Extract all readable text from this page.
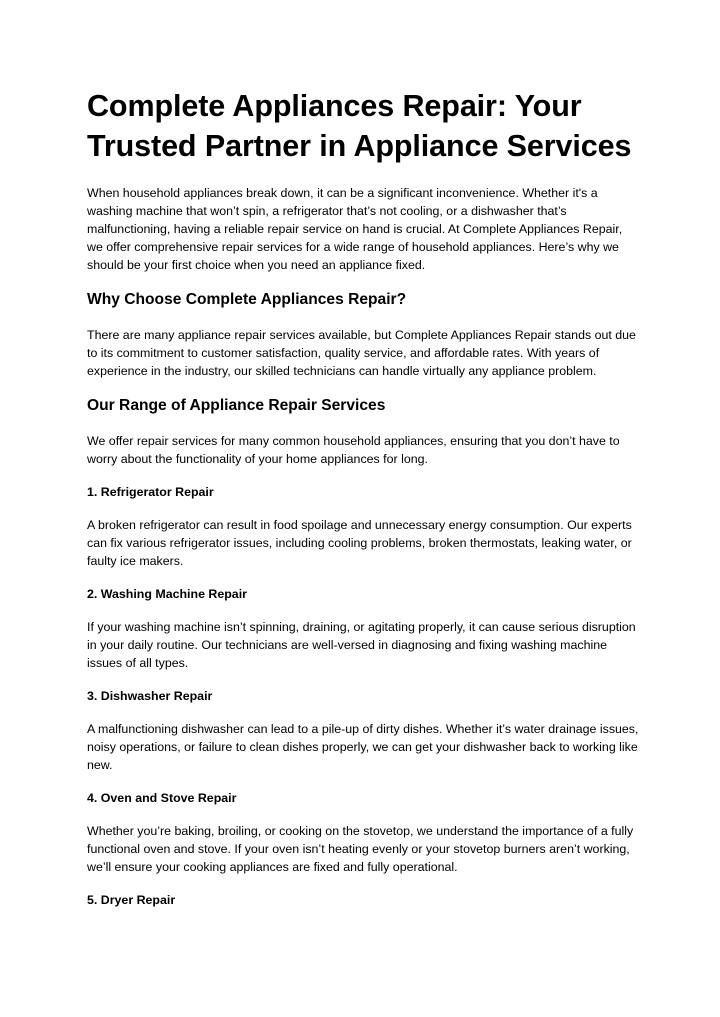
Complete Appliances Repair: Your Trusted Partner in Appliance Services

When household appliances break down, it can be a significant inconvenience. Whether it's a washing machine that won’t spin, a refrigerator that’s not cooling, or a dishwasher that’s malfunctioning, having a reliable repair service on hand is crucial. At Complete Appliances Repair, we offer comprehensive repair services for a wide range of household appliances. Here’s why we should be your first choice when you need an appliance fixed.

Why Choose Complete Appliances Repair?

There are many appliance repair services available, but Complete Appliances Repair stands out due to its commitment to customer satisfaction, quality service, and affordable rates. With years of experience in the industry, our skilled technicians can handle virtually any appliance problem.

Our Range of Appliance Repair Services

We offer repair services for many common household appliances, ensuring that you don’t have to worry about the functionality of your home appliances for long.

1. Refrigerator Repair

A broken refrigerator can result in food spoilage and unnecessary energy consumption. Our experts can fix various refrigerator issues, including cooling problems, broken thermostats, leaking water, or faulty ice makers.

2. Washing Machine Repair

If your washing machine isn’t spinning, draining, or agitating properly, it can cause serious disruption in your daily routine. Our technicians are well-versed in diagnosing and fixing washing machine issues of all types.

3. Dishwasher Repair

A malfunctioning dishwasher can lead to a pile-up of dirty dishes. Whether it’s water drainage issues, noisy operations, or failure to clean dishes properly, we can get your dishwasher back to working like new.

4. Oven and Stove Repair

Whether you’re baking, broiling, or cooking on the stovetop, we understand the importance of a fully functional oven and stove. If your oven isn’t heating evenly or your stovetop burners aren’t working, we’ll ensure your cooking appliances are fixed and fully operational.

5. Dryer Repair
